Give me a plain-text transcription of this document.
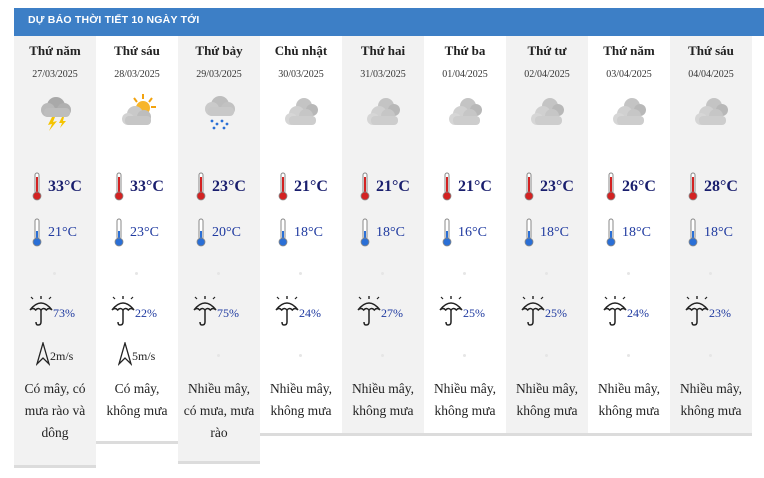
DỰ BÁO THỜI TIẾT 10 NGÀY TỚI
Thứ năm
27/03/2025
33°C
21°C
73%
2m/s
Có mây, có mưa rào và dông
Thứ sáu
28/03/2025
33°C
23°C
22%
5m/s
Có mây, không mưa
Thứ bảy
29/03/2025
23°C
20°C
75%
Nhiều mây, có mưa, mưa rào
Chủ nhật
30/03/2025
21°C
18°C
24%
Nhiều mây, không mưa
Thứ hai
31/03/2025
21°C
18°C
27%
Nhiều mây, không mưa
Thứ ba
01/04/2025
21°C
16°C
25%
Nhiều mây, không mưa
Thứ tư
02/04/2025
23°C
18°C
25%
Nhiều mây, không mưa
Thứ năm
03/04/2025
26°C
18°C
24%
Nhiều mây, không mưa
Thứ sáu
04/04/2025
28°C
18°C
23%
Nhiều mây, không mưa
